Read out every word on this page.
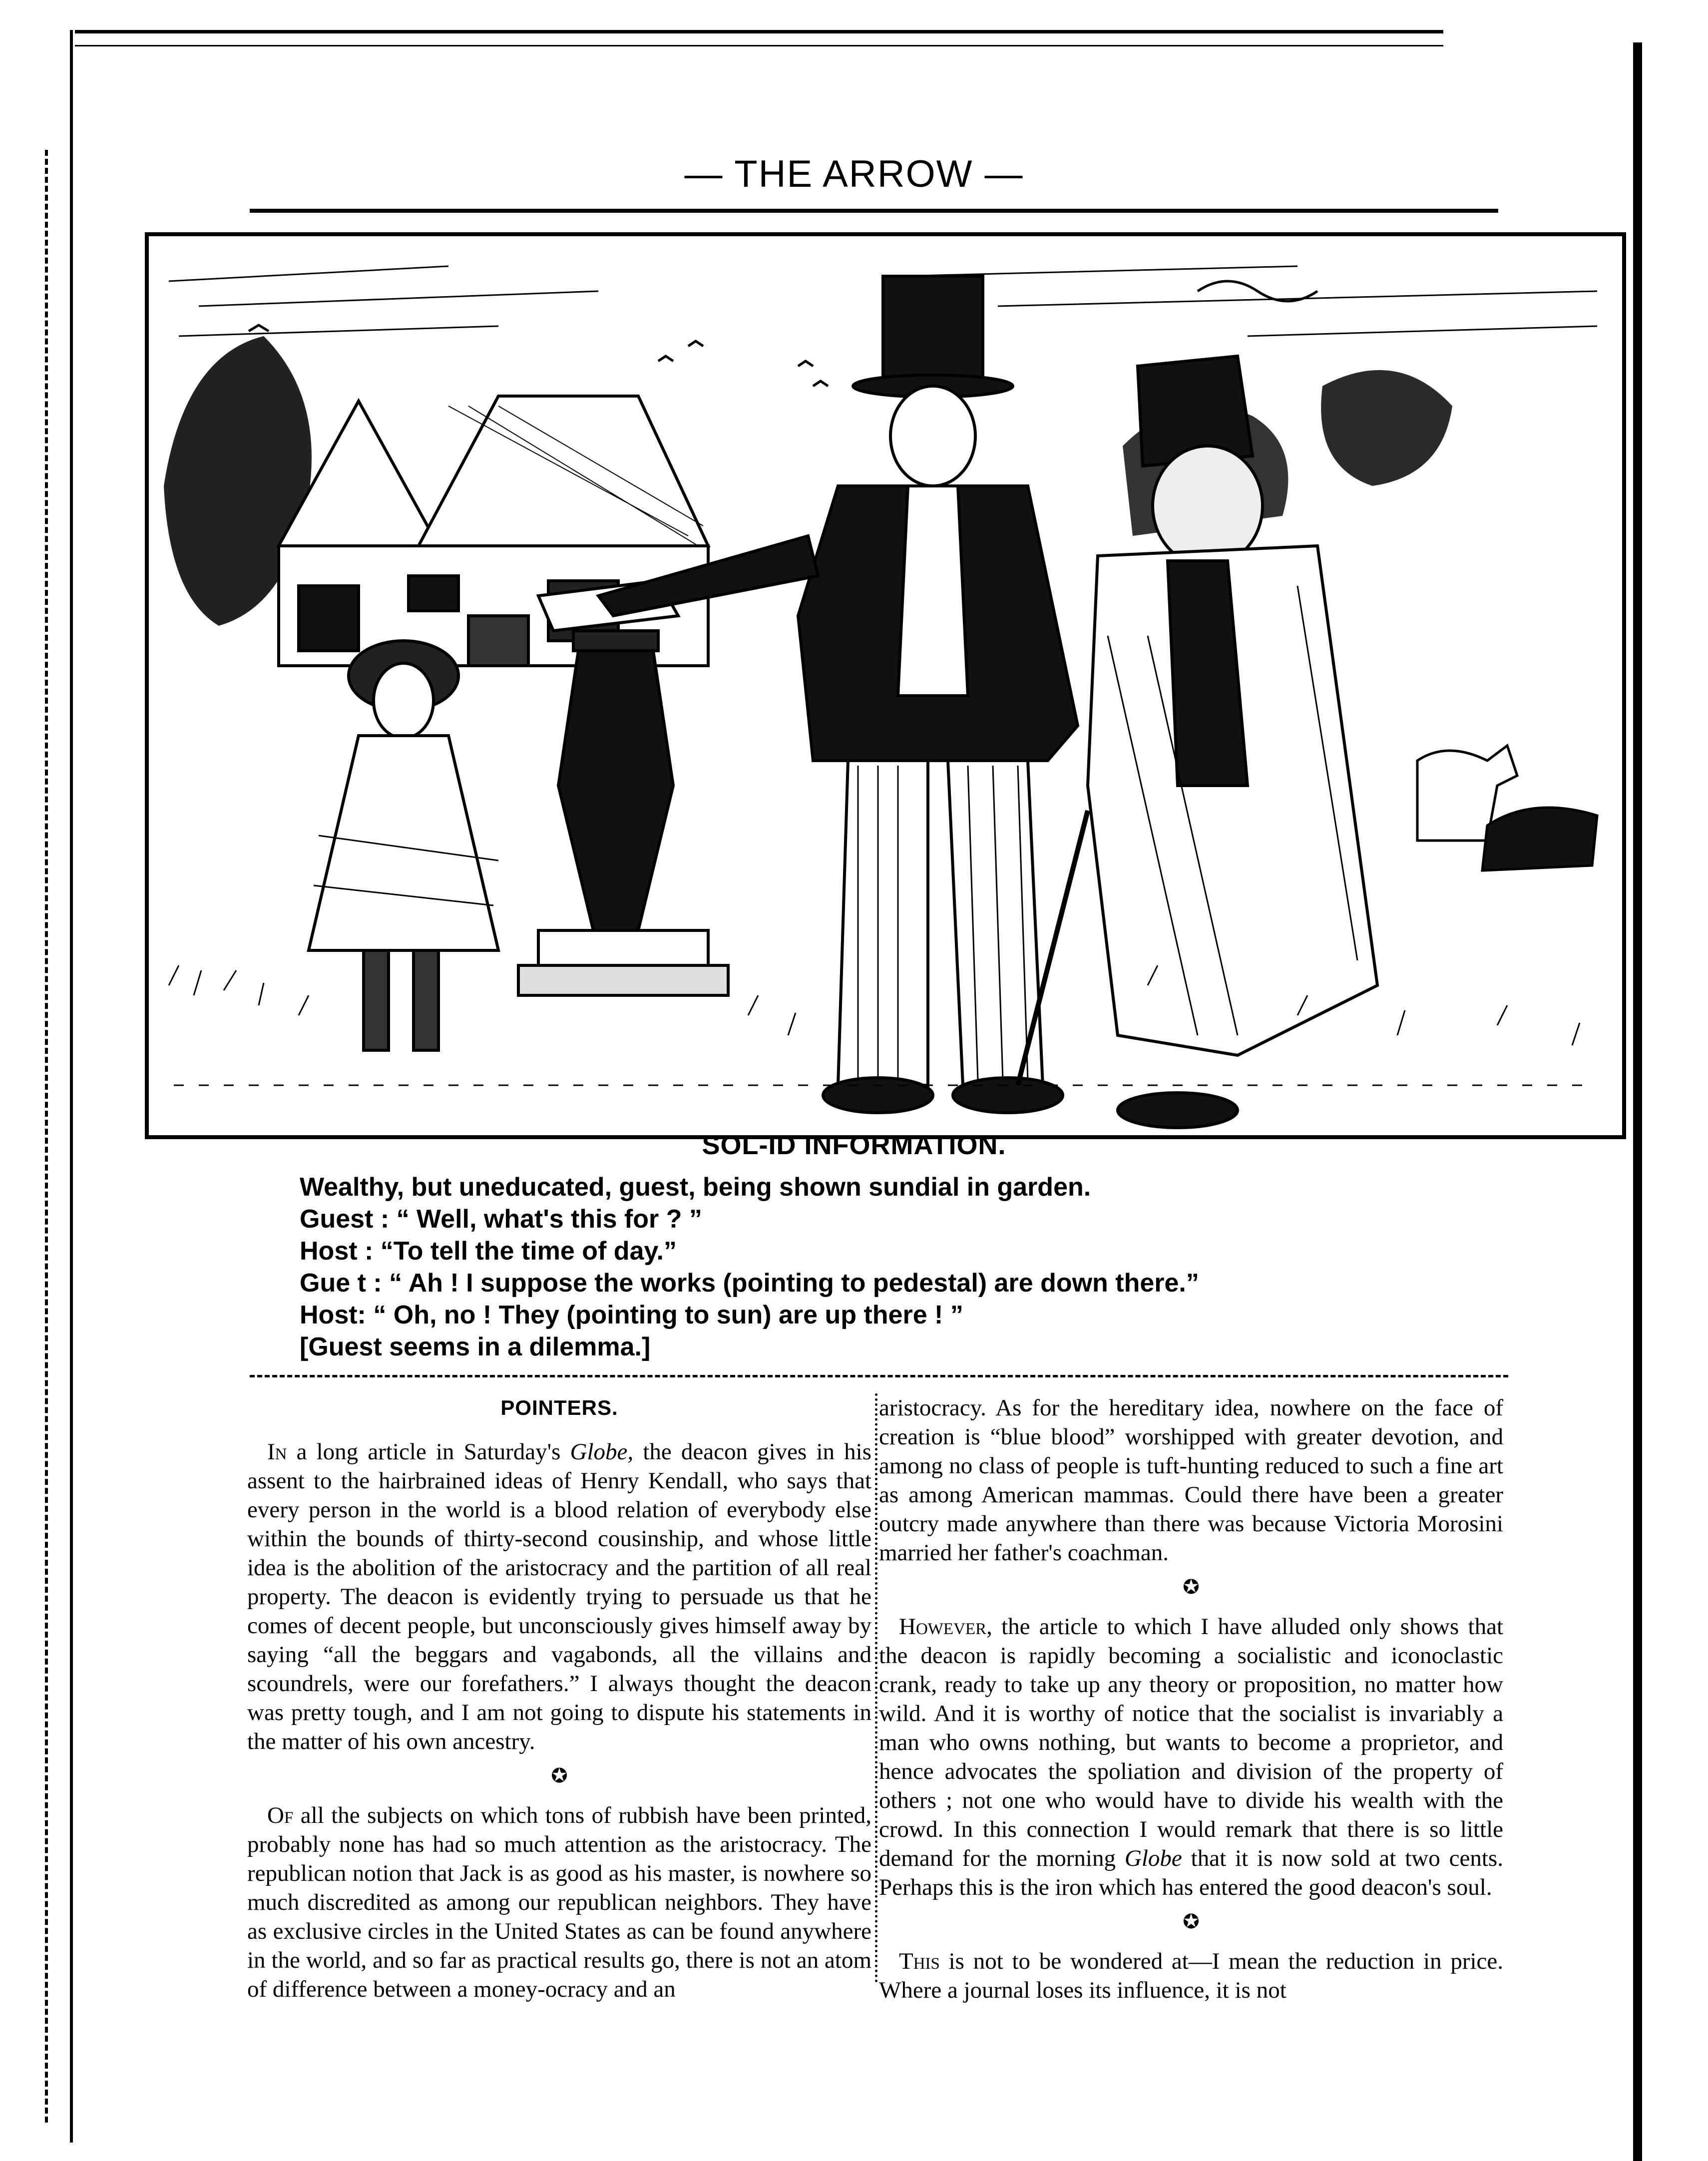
— THE ARROW —
SOL-ID INFORMATION.
Wealthy, but uneducated, guest, being shown sundial in garden.
Guest : “ Well, what's this for ? ”
Host : “To tell the time of day.”
Gue t : “ Ah ! I suppose the works (pointing to pedestal) are down there.”
Host: “ Oh, no ! They (pointing to sun) are up there ! ”
[Guest seems in a dilemma.]
POINTERS.

In a long article in Saturday's Globe, the deacon gives in his assent to the hairbrained ideas of Henry Kendall, who says that every person in the world is a blood relation of everybody else within the bounds of thirty-second cousinship, and whose little idea is the abolition of the aristocracy and the partition of all real property. The deacon is evidently trying to persuade us that he comes of decent people, but unconsciously gives himself away by saying “all the beggars and vagabonds, all the villains and scoundrels, were our forefathers.” I always thought the deacon was pretty tough, and I am not going to dispute his statements in the matter of his own ancestry.

✪

Of all the subjects on which tons of rubbish have been printed, probably none has had so much attention as the aristocracy. The republican notion that Jack is as good as his master, is nowhere so much discredited as among our republican neighbors. They have as exclusive circles in the United States as can be found anywhere in the world, and so far as practical results go, there is not an atom of difference between a money-ocracy and an

aristocracy. As for the hereditary idea, nowhere on the face of creation is “blue blood” worshipped with greater devotion, and among no class of people is tuft-hunting reduced to such a fine art as among American mammas. Could there have been a greater outcry made anywhere than there was because Victoria Morosini married her father's coachman.

✪

However, the article to which I have alluded only shows that the deacon is rapidly becoming a socialistic and iconoclastic crank, ready to take up any theory or proposition, no matter how wild. And it is worthy of notice that the socialist is invariably a man who owns nothing, but wants to become a proprietor, and hence advocates the spoliation and division of the property of others ; not one who would have to divide his wealth with the crowd. In this connection I would remark that there is so little demand for the morning Globe that it is now sold at two cents. Perhaps this is the iron which has entered the good deacon's soul.

✪

This is not to be wondered at—I mean the reduction in price. Where a journal loses its influence, it is not
